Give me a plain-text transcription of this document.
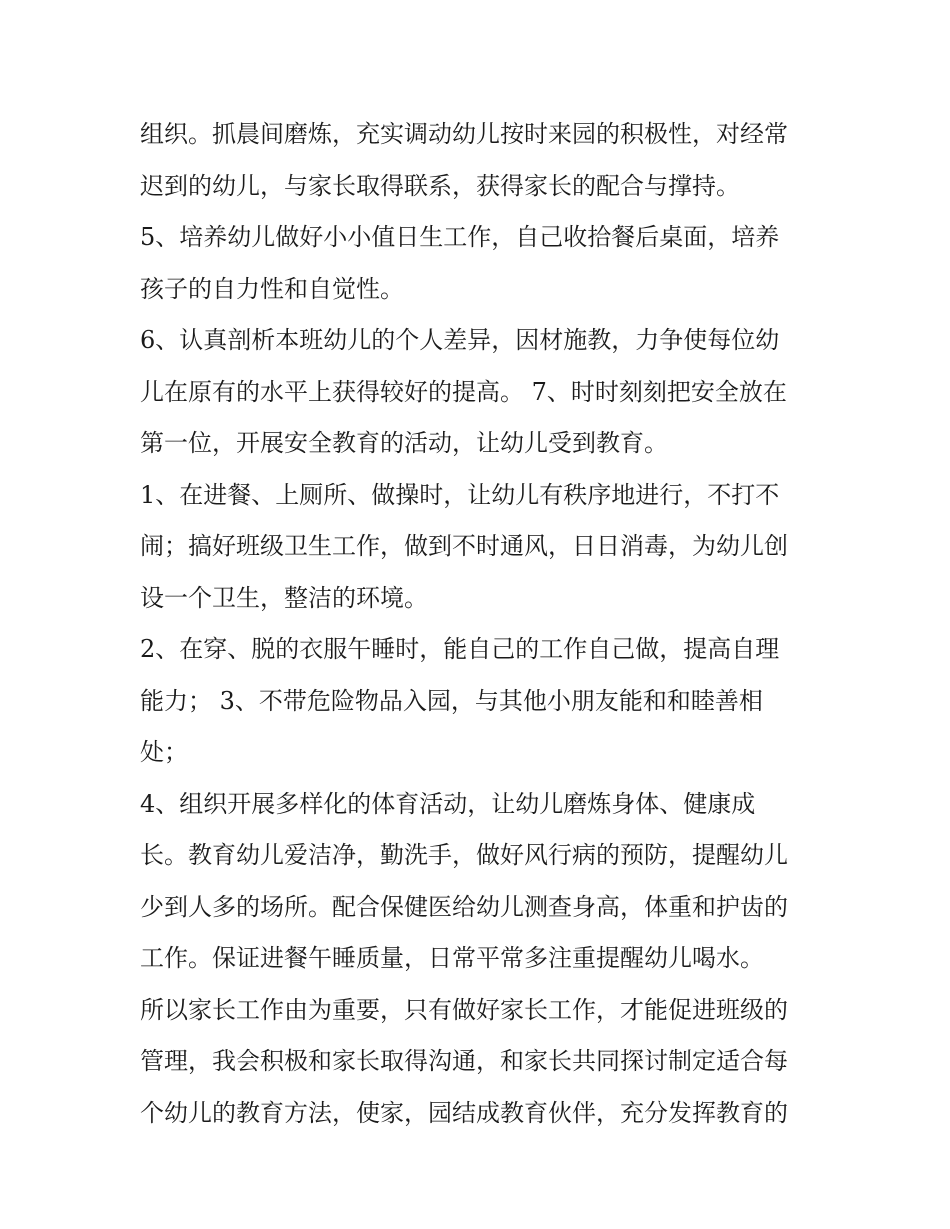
组织。抓晨间磨炼，充实调动幼儿按时来园的积极性，对经常
迟到的幼儿，与家长取得联系，获得家长的配合与撑持。
5、培养幼儿做好小小值日生工作，自己收拾餐后桌面，培养
孩子的自力性和自觉性。
6、认真剖析本班幼儿的个人差异，因材施教，力争使每位幼
儿在原有的水平上获得较好的提高。 7、时时刻刻把安全放在
第一位，开展安全教育的活动，让幼儿受到教育。
1、在进餐、上厕所、做操时，让幼儿有秩序地进行，不打不
闹；搞好班级卫生工作，做到不时通风，日日消毒，为幼儿创
设一个卫生，整洁的环境。
2、在穿、脱的衣服午睡时，能自己的工作自己做，提高自理
能力； 3、不带危险物品入园，与其他小朋友能和和睦善相
处；
4、组织开展多样化的体育活动，让幼儿磨炼身体、健康成
长。教育幼儿爱洁净，勤洗手，做好风行病的预防，提醒幼儿
少到人多的场所。配合保健医给幼儿测查身高，体重和护齿的
工作。保证进餐午睡质量，日常平常多注重提醒幼儿喝水。
所以家长工作由为重要，只有做好家长工作，才能促进班级的
管理，我会积极和家长取得沟通，和家长共同探讨制定适合每
个幼儿的教育方法，使家，园结成教育伙伴，充分发挥教育的
